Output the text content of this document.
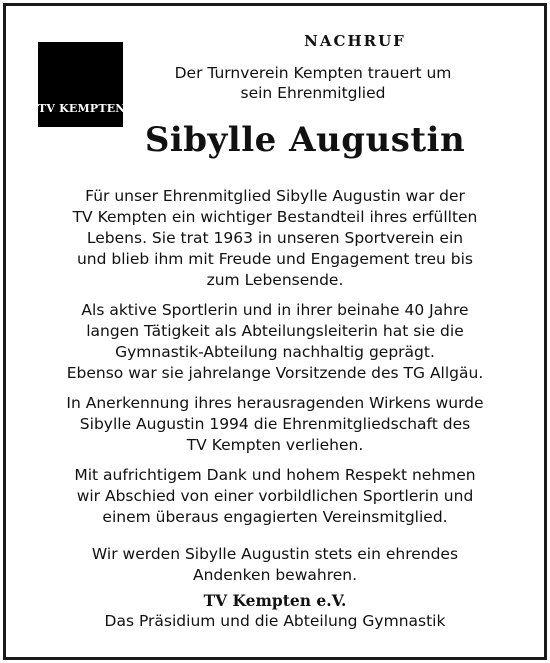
TV KEMPTEN
NACHRUF
Der Turnverein Kempten trauert um
sein Ehrenmitglied
Sibylle Augustin

Für unser Ehrenmitglied Sibylle Augustin war der
TV Kempten ein wichtiger Bestandteil ihres erfüllten
Lebens. Sie trat 1963 in unseren Sportverein ein
und blieb ihm mit Freude und Engagement treu bis
zum Lebensende.

Als aktive Sportlerin und in ihrer beinahe 40 Jahre
langen Tätigkeit als Abteilungsleiterin hat sie die
Gymnastik-Abteilung nachhaltig geprägt.
Ebenso war sie jahrelange Vorsitzende des TG Allgäu.

In Anerkennung ihres herausragenden Wirkens wurde
Sibylle Augustin 1994 die Ehrenmitgliedschaft des
TV Kempten verliehen.

Mit aufrichtigem Dank und hohem Respekt nehmen
wir Abschied von einer vorbildlichen Sportlerin und
einem überaus engagierten Vereinsmitglied.

Wir werden Sibylle Augustin stets ein ehrendes
Andenken bewahren.

TV Kempten e.V.
Das Präsidium und die Abteilung Gymnastik
